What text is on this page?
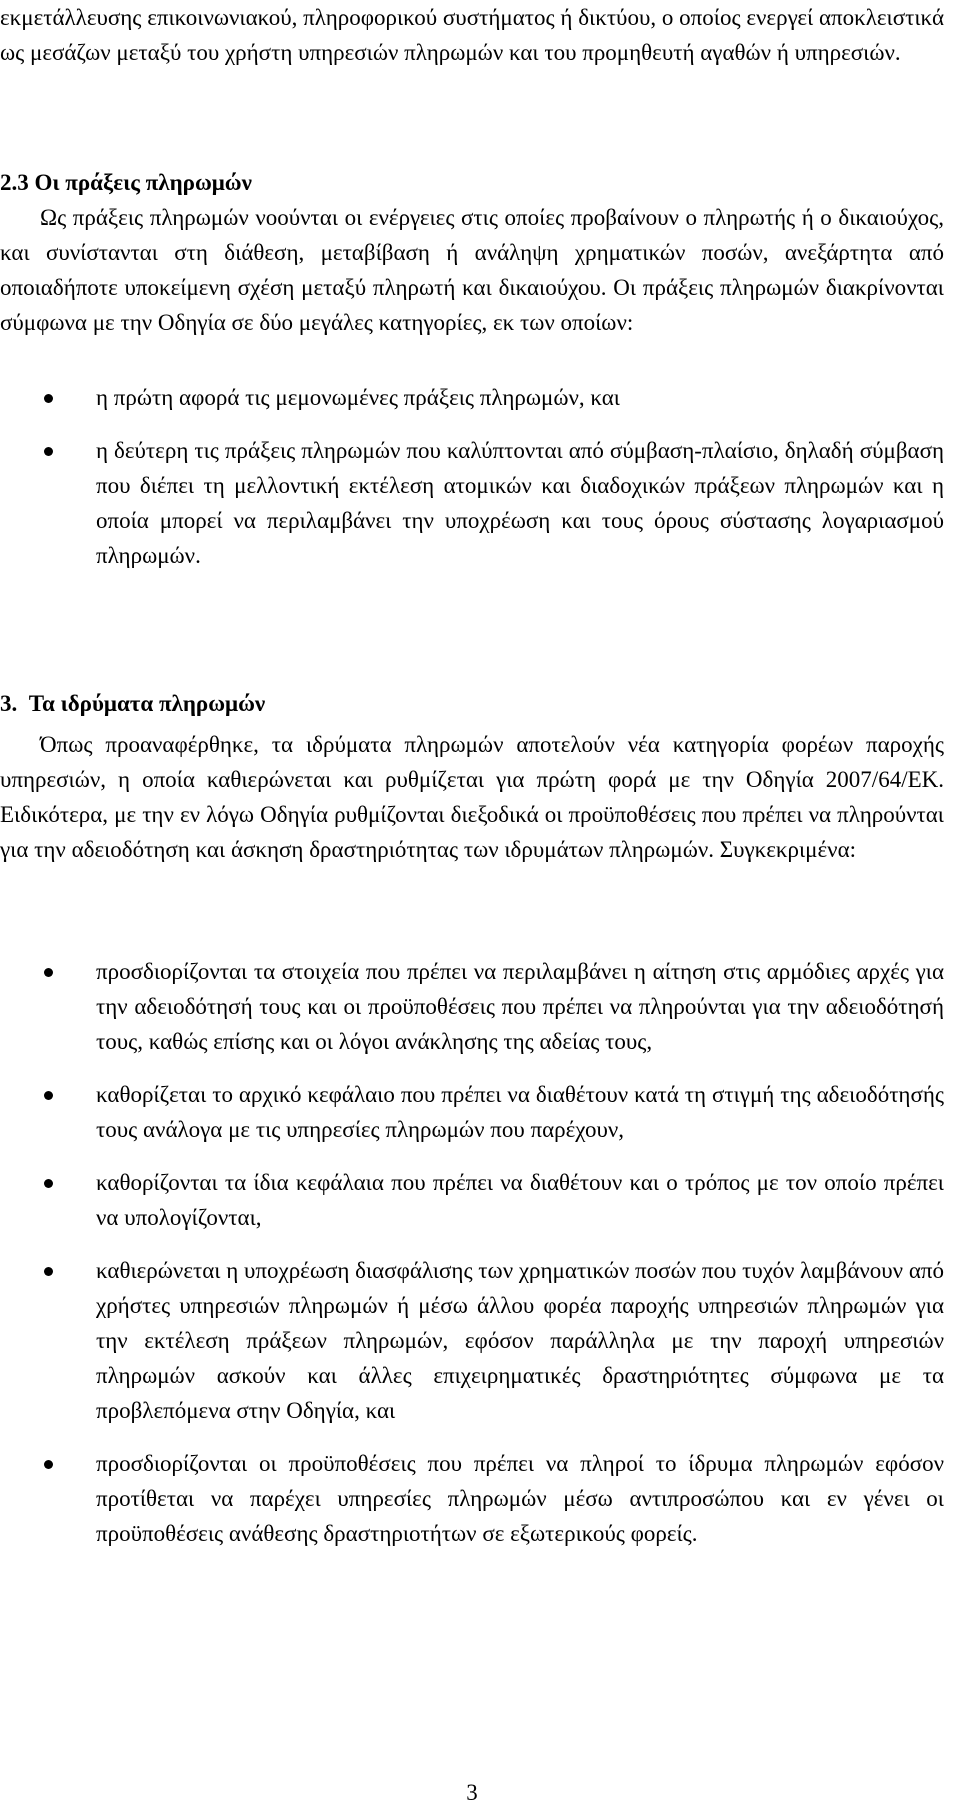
εκμετάλλευσης επικοινωνιακού, πληροφορικού συστήματος ή δικτύου, ο οποίος ενεργεί αποκλειστικά ως μεσάζων μεταξύ του χρήστη υπηρεσιών πληρωμών και του προμηθευτή αγαθών ή υπηρεσιών.

2.3 Οι πράξεις πληρωμών

Ως πράξεις πληρωμών νοούνται οι ενέργειες στις οποίες προβαίνουν ο πληρωτής ή ο δικαιούχος, και συνίστανται στη διάθεση, μεταβίβαση ή ανάληψη χρηματικών ποσών, ανεξάρτητα από οποιαδήποτε υποκείμενη σχέση μεταξύ πληρωτή και δικαιούχου. Οι πράξεις πληρωμών διακρίνονται σύμφωνα με την Οδηγία σε δύο μεγάλες κατηγορίες, εκ των οποίων:

η πρώτη αφορά τις μεμονωμένες πράξεις πληρωμών, και
η δεύτερη τις πράξεις πληρωμών που καλύπτονται από σύμβαση-πλαίσιο, δηλαδή σύμβαση που διέπει τη μελλοντική εκτέλεση ατομικών και διαδοχικών πράξεων πληρωμών και η οποία μπορεί να περιλαμβάνει την υποχρέωση και τους όρους σύστασης λογαριασμού πληρωμών.

3. Τα ιδρύματα πληρωμών

Όπως προαναφέρθηκε, τα ιδρύματα πληρωμών αποτελούν νέα κατηγορία φορέων παροχής υπηρεσιών, η οποία καθιερώνεται και ρυθμίζεται για πρώτη φορά με την Οδηγία 2007/64/ΕΚ. Ειδικότερα, με την εν λόγω Οδηγία ρυθμίζονται διεξοδικά οι προϋποθέσεις που πρέπει να πληρούνται για την αδειοδότηση και άσκηση δραστηριότητας των ιδρυμάτων πληρωμών. Συγκεκριμένα:

προσδιορίζονται τα στοιχεία που πρέπει να περιλαμβάνει η αίτηση στις αρμόδιες αρχές για την αδειοδότησή τους και οι προϋποθέσεις που πρέπει να πληρούνται για την αδειοδότησή τους, καθώς επίσης και οι λόγοι ανάκλησης της αδείας τους,
καθορίζεται το αρχικό κεφάλαιο που πρέπει να διαθέτουν κατά τη στιγμή της αδειοδότησής τους ανάλογα με τις υπηρεσίες πληρωμών που παρέχουν,
καθορίζονται τα ίδια κεφάλαια που πρέπει να διαθέτουν και ο τρόπος με τον οποίο πρέπει να υπολογίζονται,
καθιερώνεται η υποχρέωση διασφάλισης των χρηματικών ποσών που τυχόν λαμβάνουν από χρήστες υπηρεσιών πληρωμών ή μέσω άλλου φορέα παροχής υπηρεσιών πληρωμών για την εκτέλεση πράξεων πληρωμών, εφόσον παράλληλα με την παροχή υπηρεσιών πληρωμών ασκούν και άλλες επιχειρηματικές δραστηριότητες σύμφωνα με τα προβλεπόμενα στην Οδηγία, και
προσδιορίζονται οι προϋποθέσεις που πρέπει να πληροί το ίδρυμα πληρωμών εφόσον προτίθεται να παρέχει υπηρεσίες πληρωμών μέσω αντιπροσώπου και εν γένει οι προϋποθέσεις ανάθεσης δραστηριοτήτων σε εξωτερικούς φορείς.
3
